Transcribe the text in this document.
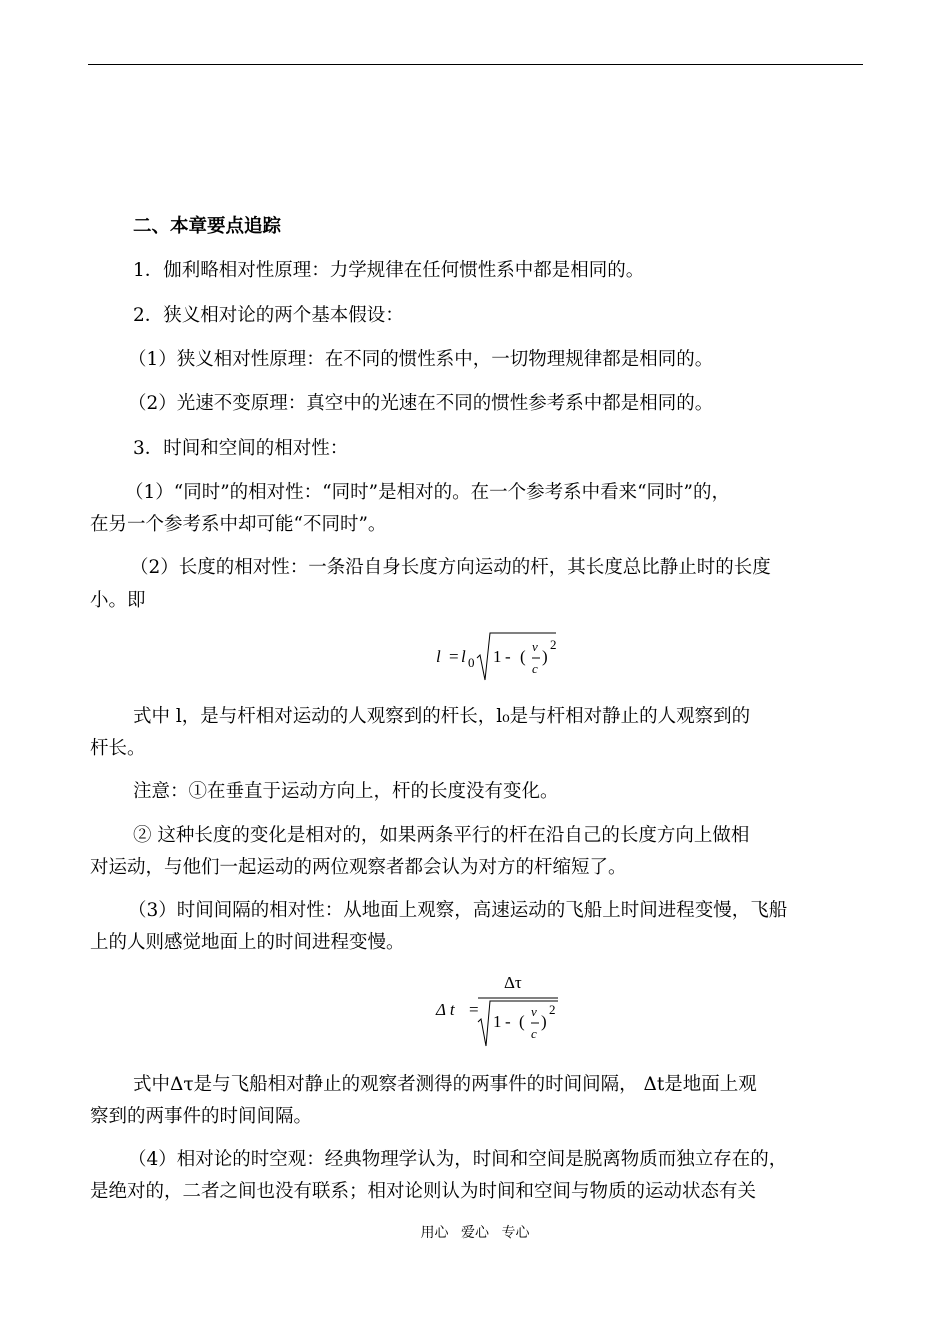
二、本章要点追踪
1．伽利略相对性原理：力学规律在任何惯性系中都是相同的。
2．狭义相对论的两个基本假设：
（1）狭义相对性原理：在不同的惯性系中，一切物理规律都是相同的。
（2）光速不变原理：真空中的光速在不同的惯性参考系中都是相同的。
3．时间和空间的相对性：
（1）“同时”的相对性：“同时”是相对的。在一个参考系中看来“同时”的，
在另一个参考系中却可能“不同时”。
（2）长度的相对性：一条沿自身长度方向运动的杆，其长度总比静止时的长度
小。即
l = l 0 1 - (
v
c
)
2
式中 l，是与杆相对运动的人观察到的杆长，l₀是与杆相对静止的人观察到的
杆长。
注意：①在垂直于运动方向上，杆的长度没有变化。
② 这种长度的变化是相对的，如果两条平行的杆在沿自己的长度方向上做相
对运动，与他们一起运动的两位观察者都会认为对方的杆缩短了。
（3）时间间隔的相对性：从地面上观察，高速运动的飞船上时间进程变慢，飞船
上的人则感觉地面上的时间进程变慢。
Δτ
Δ t =
1 - (
v
c
)
2
式中Δτ是与飞船相对静止的观察者测得的两事件的时间间隔， Δt是地面上观
察到的两事件的时间间隔。
（4）相对论的时空观：经典物理学认为，时间和空间是脱离物质而独立存在的，
是绝对的，二者之间也没有联系；相对论则认为时间和空间与物质的运动状态有关
用心 爱心 专心
